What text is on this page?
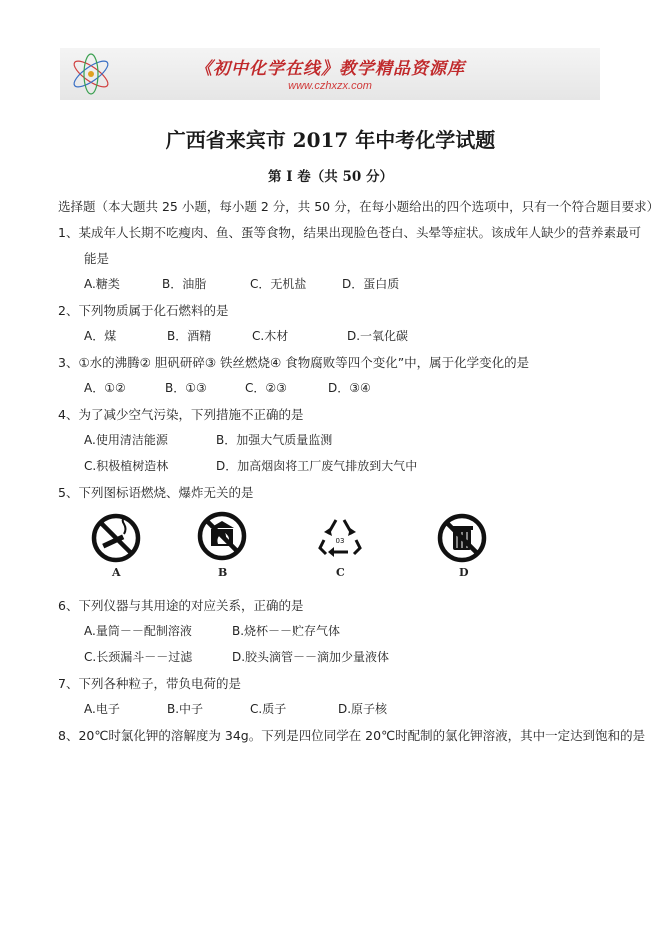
《初中化学在线》教学精品资源库
www.czhxzx.com
广西省来宾市 2017 年中考化学试题
第 I 卷（共 50 分）
选择题（本大题共 25 小题，每小题 2 分，共 50 分，在每小题给出的四个选项中，只有一个符合题目要求）
1、某成年人长期不吃瘦肉、鱼、蛋等食物，结果出现脸色苍白、头晕等症状。该成年人缺少的营养素最可
能是
A.糖类	B．油脂	C．无机盐	D．蛋白质
2、下列物质属于化石燃料的是
A．煤	B．酒精	C.木材	D.一氧化碳
3、①水的沸腾② 胆矾研碎③ 铁丝燃烧④ 食物腐败等四个变化”中，属于化学变化的是
A．①②	B．①③	C．②③	D．③④
4、为了减少空气污染，下列措施不正确的是
A.使用清洁能源	B．加强大气质量监测
C.积极植树造林	D．加高烟囱将工厂废气排放到大气中
5、下列图标语燃烧、爆炸无关的是
A	B
03
C	D
6、下列仪器与其用途的对应关系，正确的是
A.量筒－－配制溶液	B.烧杯－－贮存气体
C.长颈漏斗－－过滤	D.胶头滴管－－滴加少量液体
7、下列各种粒子，带负电荷的是
A.电子	B.中子	C.质子	D.原子核
8、20℃时氯化钾的溶解度为 34g。下列是四位同学在 20℃时配制的氯化钾溶液，其中一定达到饱和的是
